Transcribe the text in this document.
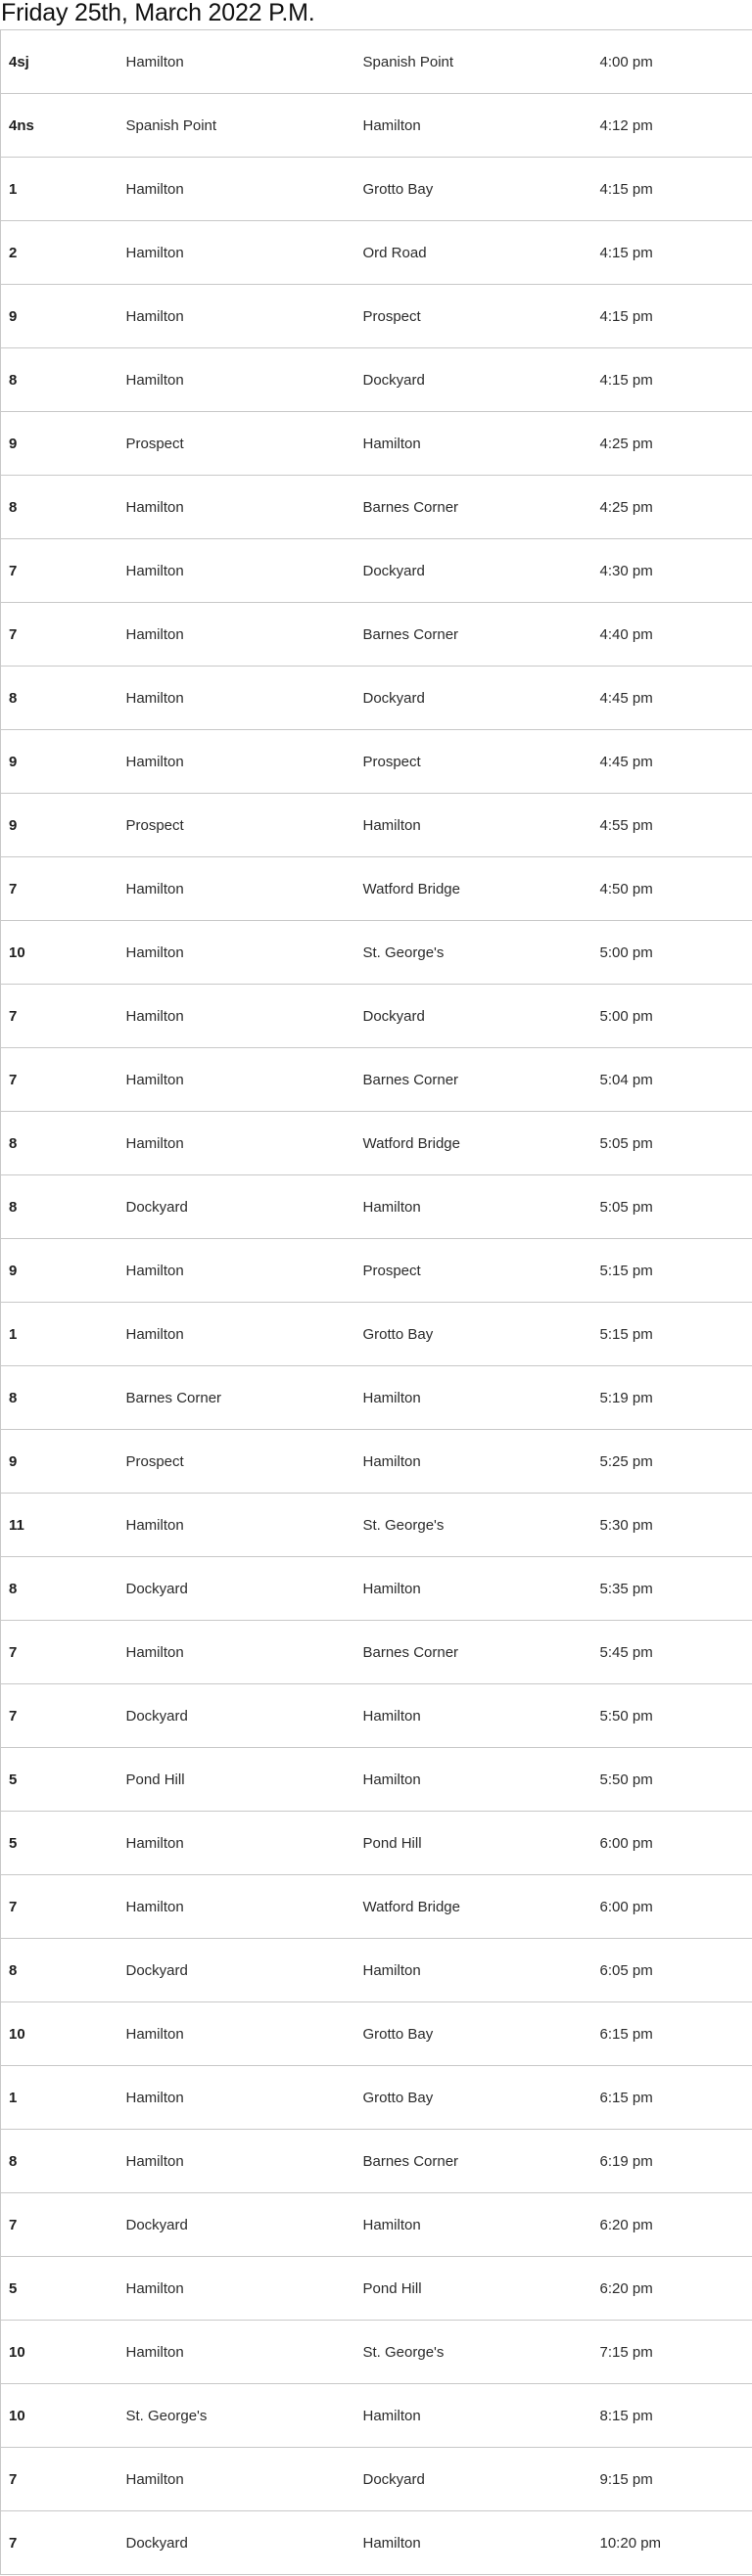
Friday 25th, March 2022 P.M.
4sj	Hamilton	Spanish Point	4:00 pm
4ns	Spanish Point	Hamilton	4:12 pm
1	Hamilton	Grotto Bay	4:15 pm
2	Hamilton	Ord Road	4:15 pm
9	Hamilton	Prospect	4:15 pm
8	Hamilton	Dockyard	4:15 pm
9	Prospect	Hamilton	4:25 pm
8	Hamilton	Barnes Corner	4:25 pm
7	Hamilton	Dockyard	4:30 pm
7	Hamilton	Barnes Corner	4:40 pm
8	Hamilton	Dockyard	4:45 pm
9	Hamilton	Prospect	4:45 pm
9	Prospect	Hamilton	4:55 pm
7	Hamilton	Watford Bridge	4:50 pm
10	Hamilton	St. George's	5:00 pm
7	Hamilton	Dockyard	5:00 pm
7	Hamilton	Barnes Corner	5:04 pm
8	Hamilton	Watford Bridge	5:05 pm
8	Dockyard	Hamilton	5:05 pm
9	Hamilton	Prospect	5:15 pm
1	Hamilton	Grotto Bay	5:15 pm
8	Barnes Corner	Hamilton	5:19 pm
9	Prospect	Hamilton	5:25 pm
11	Hamilton	St. George's	5:30 pm
8	Dockyard	Hamilton	5:35 pm
7	Hamilton	Barnes Corner	5:45 pm
7	Dockyard	Hamilton	5:50 pm
5	Pond Hill	Hamilton	5:50 pm
5	Hamilton	Pond Hill	6:00 pm
7	Hamilton	Watford Bridge	6:00 pm
8	Dockyard	Hamilton	6:05 pm
10	Hamilton	Grotto Bay	6:15 pm
1	Hamilton	Grotto Bay	6:15 pm
8	Hamilton	Barnes Corner	6:19 pm
7	Dockyard	Hamilton	6:20 pm
5	Hamilton	Pond Hill	6:20 pm
10	Hamilton	St. George's	7:15 pm
10	St. George's	Hamilton	8:15 pm
7	Hamilton	Dockyard	9:15 pm
7	Dockyard	Hamilton	10:20 pm
